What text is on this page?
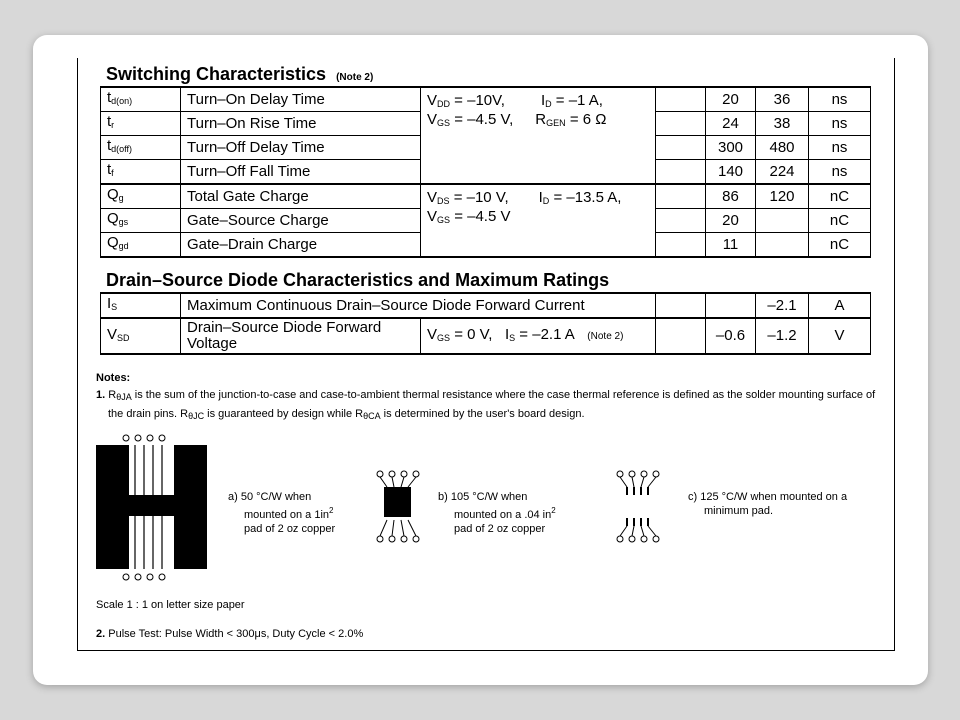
Switching Characteristics (Note 2)
$t_{d(on)}$	Turn–On Delay Time	$V_{DD} = -10V$, $I_D = -1$ A,

$V_{GS} = -4.5$ V, $R_{GEN} = 6$ Ω		20	36	ns
$t_r$	Turn–On Rise Time			24	38	ns
$t_{d(off)}$	Turn–Off Delay Time			300	480	ns
$t_f$	Turn–Off Fall Time			140	224	ns
$Q_g$	Total Gate Charge	$V_{DS} = -10$ V, $I_D = -13.5$ A,

$V_{GS} = -4.5$ V		86	120	nC
$Q_{gs}$	Gate–Source Charge			20		nC
$Q_{gd}$	Gate–Drain Charge			11		nC
Drain–Source Diode Characteristics and Maximum Ratings
$I_S$	Maximum Continuous Drain–Source Diode Forward Current				–2.1	A
$V_{SD}$	Drain–Source Diode Forward
Voltage	$V_{GS} = 0$ V, $I_S = -2.1$ A (Note 2)		–0.6	–1.2	V
Notes:
1. $R_{\theta JA}$ is the sum of the junction-to-case and case-to-ambient thermal resistance where the case thermal reference is defined as the solder mounting surface of
the drain pins. $R_{\theta JC}$ is guaranteed by design while $R_{\theta CA}$ is determined by the user's board design.
a) 50 °C/W when
mounted on a $1in^2$
pad of 2 oz copper
b) 105 °C/W when
mounted on a .04 $in^2$
pad of 2 oz copper
c) 125 °C/W when mounted on a
minimum pad.
Scale 1 : 1 on letter size paper
2. Pulse Test: Pulse Width < 300μs, Duty Cycle < 2.0%
